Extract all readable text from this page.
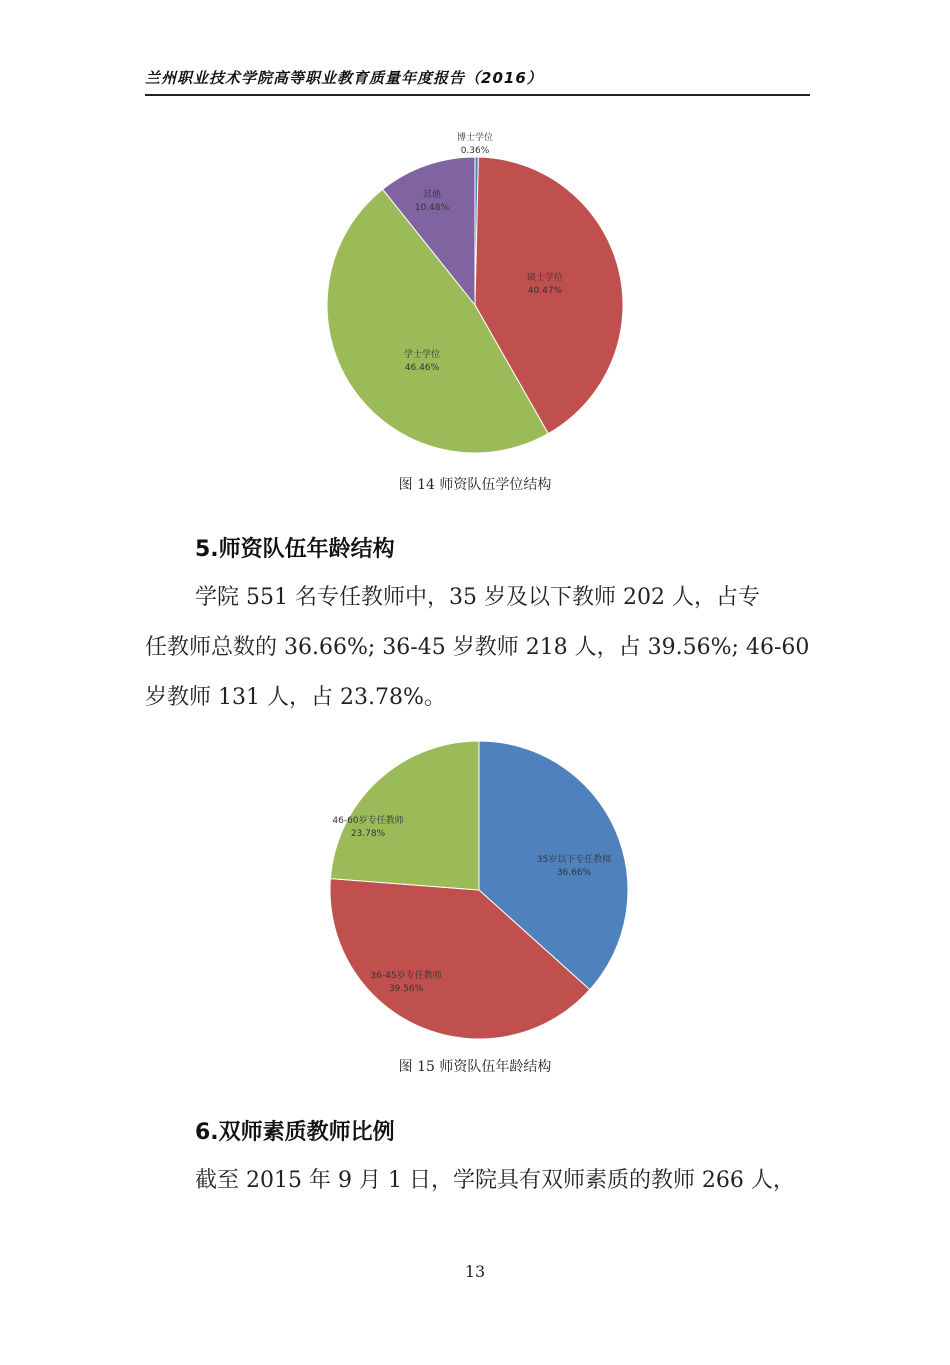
兰州职业技术学院高等职业教育质量年度报告（2016）
博士学位
0.36%
硕士学位
40.47%
学士学位
46.46%
其他
10.48%
图 14 师资队伍学位结构
5.师资队伍年龄结构
学院 551 名专任教师中，35 岁及以下教师 202 人，占专
任教师总数的 36.66%; 36-45 岁教师 218 人，占 39.56%; 46-60
岁教师 131 人，占 23.78%。
35岁以下专任教师
36.66%
36-45岁专任教师
39.56%
46-60岁专任教师
23.78%
图 15 师资队伍年龄结构
6.双师素质教师比例
截至 2015 年 9 月 1 日，学院具有双师素质的教师 266 人，
13
